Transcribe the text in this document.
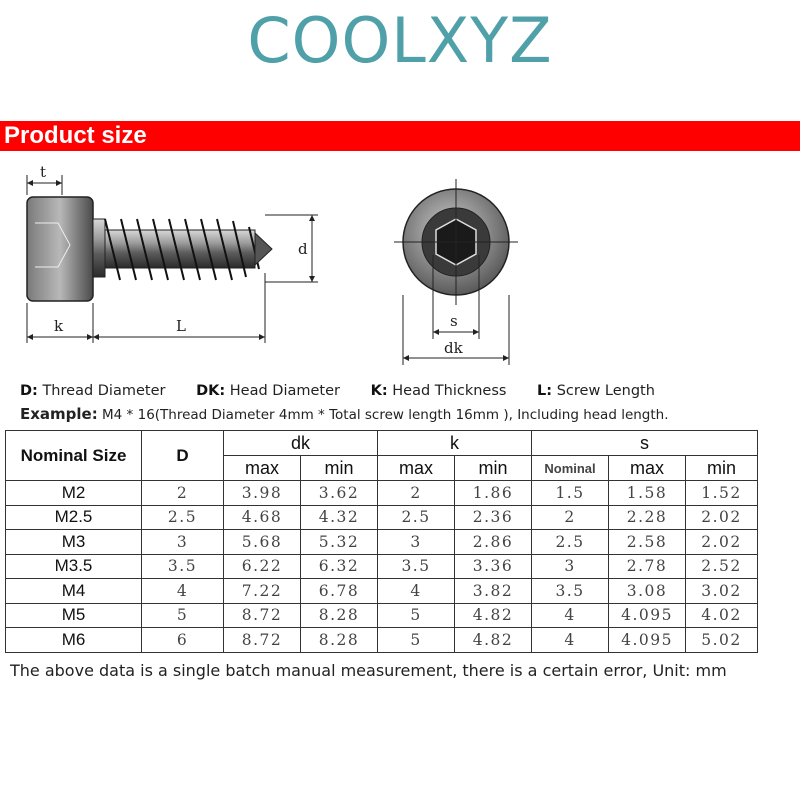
COOLXYZ
Product size
t
k	L
d
s
dk
D: Thread Diameter DK: Head Diameter K: Head Thickness L: Screw Length
Example: M4 * 16(Thread Diameter 4mm * Total screw length 16mm ), Including head length.
Nominal Size	D	dk		k		s		
		max	min	max	min	Nominal	max	min
M2	2	3.98	3.62	2	1.86	1.5	1.58	1.52
M2.5	2.5	4.68	4.32	2.5	2.36	2	2.28	2.02
M3	3	5.68	5.32	3	2.86	2.5	2.58	2.02
M3.5	3.5	6.22	6.32	3.5	3.36	3	2.78	2.52
M4	4	7.22	6.78	4	3.82	3.5	3.08	3.02
M5	5	8.72	8.28	5	4.82	4	4.095	4.02
M6	6	8.72	8.28	5	4.82	4	4.095	5.02
The above data is a single batch manual measurement, there is a certain error, Unit: mm
